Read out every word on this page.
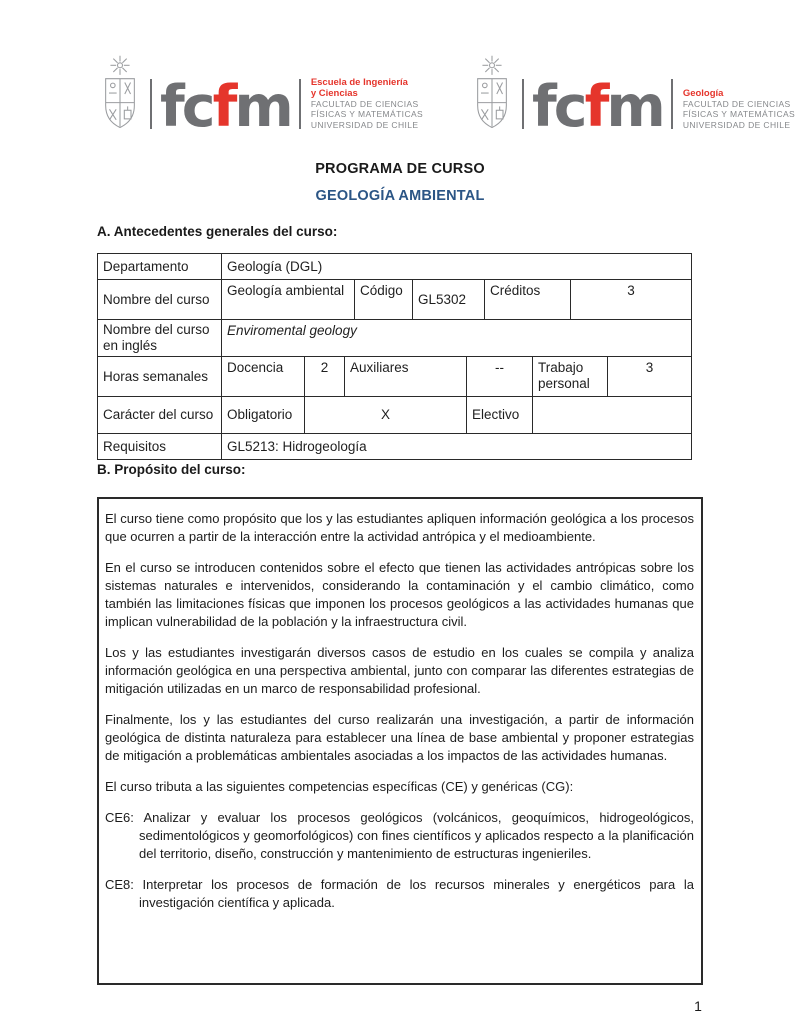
fcfm Escuela de Ingeniería
y Ciencias
FACULTAD DE CIENCIAS
FÍSICAS Y MATEMÁTICAS
UNIVERSIDAD DE CHILE fcfm Geología
FACULTAD DE CIENCIAS
FÍSICAS Y MATEMÁTICAS
UNIVERSIDAD DE CHILE
PROGRAMA DE CURSO
GEOLOGÍA AMBIENTAL
A. Antecedentes generales del curso:
Departamento	Geología (DGL)									
Nombre del curso	Geología ambiental			Código	GL5302		Créditos		3	
Nombre del curso en inglés	Enviromental geology									
Horas semanales	Docencia	2	Auxiliares			--		Trabajo personal		3
Carácter del curso	Obligatorio	X				Electivo				
Requisitos	GL5213: Hidrogeología									
B. Propósito del curso:

El curso tiene como propósito que los y las estudiantes apliquen información geológica a los procesos que ocurren a partir de la interacción entre la actividad antrópica y el medioambiente.

En el curso se introducen contenidos sobre el efecto que tienen las actividades antrópicas sobre los sistemas naturales e intervenidos, considerando la contaminación y el cambio climático, como también las limitaciones físicas que imponen los procesos geológicos a las actividades humanas que implican vulnerabilidad de la población y la infraestructura civil.

Los y las estudiantes investigarán diversos casos de estudio en los cuales se compila y analiza información geológica en una perspectiva ambiental, junto con comparar las diferentes estrategias de mitigación utilizadas en un marco de responsabilidad profesional.

Finalmente, los y las estudiantes del curso realizarán una investigación, a partir de información geológica de distinta naturaleza para establecer una línea de base ambiental y proponer estrategias de mitigación a problemáticas ambientales asociadas a los impactos de las actividades humanas.

El curso tributa a las siguientes competencias específicas (CE) y genéricas (CG):

CE6: Analizar y evaluar los procesos geológicos (volcánicos, geoquímicos, hidrogeológicos, sedimentológicos y geomorfológicos) con fines científicos y aplicados respecto a la planificación del territorio, diseño, construcción y mantenimiento de estructuras ingenieriles.

CE8: Interpretar los procesos de formación de los recursos minerales y energéticos para la investigación científica y aplicada.

1
